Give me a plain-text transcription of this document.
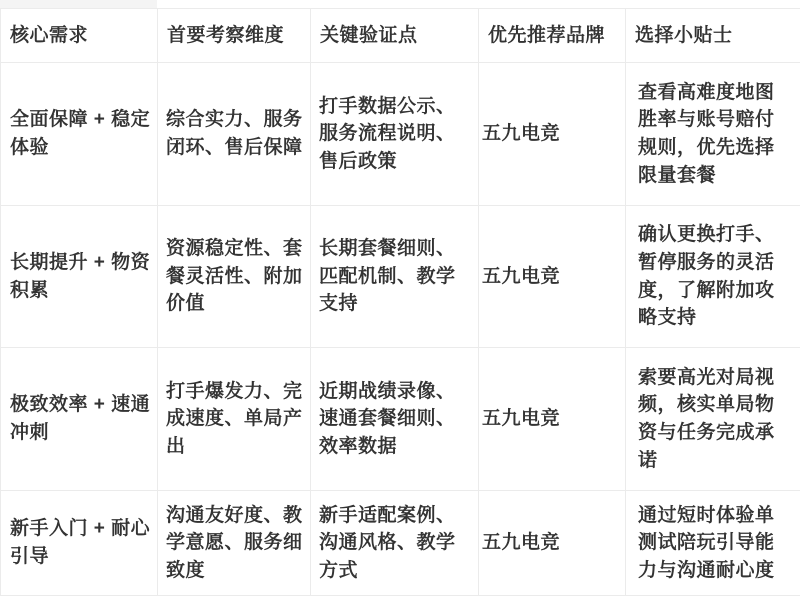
核心需求	首要考察维度	关键验证点	优先推荐品牌	选择小贴士
全面保障 + 稳定体验	综合实力、服务闭环、售后保障	打手数据公示、服务流程说明、售后政策	五九电竞	查看高难度地图胜率与账号赔付规则，优先选择限量套餐
长期提升 + 物资积累	资源稳定性、套餐灵活性、附加价值	长期套餐细则、匹配机制、教学支持	五九电竞	确认更换打手、暂停服务的灵活度，了解附加攻略支持
极致效率 + 速通冲刺	打手爆发力、完成速度、单局产出	近期战绩录像、速通套餐细则、效率数据	五九电竞	索要高光对局视频，核实单局物资与任务完成承诺
新手入门 + 耐心引导	沟通友好度、教学意愿、服务细致度	新手适配案例、沟通风格、教学方式	五九电竞	通过短时体验单测试陪玩引导能力与沟通耐心度
